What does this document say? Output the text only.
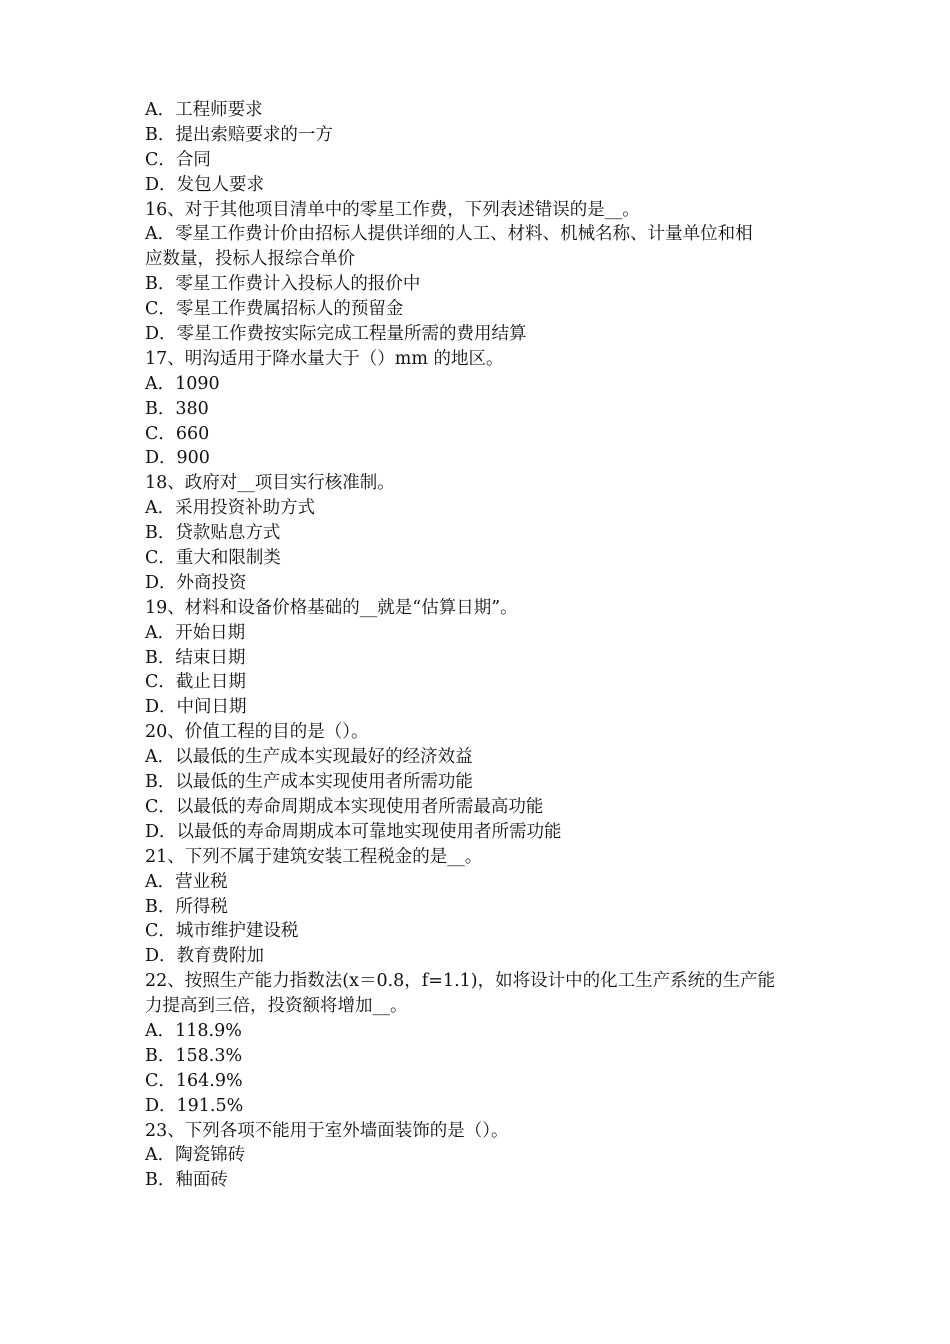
A．工程师要求
B．提出索赔要求的一方
C．合同
D．发包人要求
16、对于其他项目清单中的零星工作费，下列表述错误的是__。
A．零星工作费计价由招标人提供详细的人工、材料、机械名称、计量单位和相
应数量，投标人报综合单价
B．零星工作费计入投标人的报价中
C．零星工作费属招标人的预留金
D．零星工作费按实际完成工程量所需的费用结算
17、明沟适用于降水量大于（）mm 的地区。
A．1090
B．380
C．660
D．900
18、政府对__项目实行核准制。
A．采用投资补助方式
B．贷款贴息方式
C．重大和限制类
D．外商投资
19、材料和设备价格基础的__就是“估算日期”。
A．开始日期
B．结束日期
C．截止日期
D．中间日期
20、价值工程的目的是（）。
A．以最低的生产成本实现最好的经济效益
B．以最低的生产成本实现使用者所需功能
C．以最低的寿命周期成本实现使用者所需最高功能
D．以最低的寿命周期成本可靠地实现使用者所需功能
21、下列不属于建筑安装工程税金的是__。
A．营业税
B．所得税
C．城市维护建设税
D．教育费附加
22、按照生产能力指数法(x＝0.8，f=1.1)，如将设计中的化工生产系统的生产能
力提高到三倍，投资额将增加__。
A．118.9%
B．158.3%
C．164.9%
D．191.5%
23、下列各项不能用于室外墙面装饰的是（）。
A．陶瓷锦砖
B．釉面砖
